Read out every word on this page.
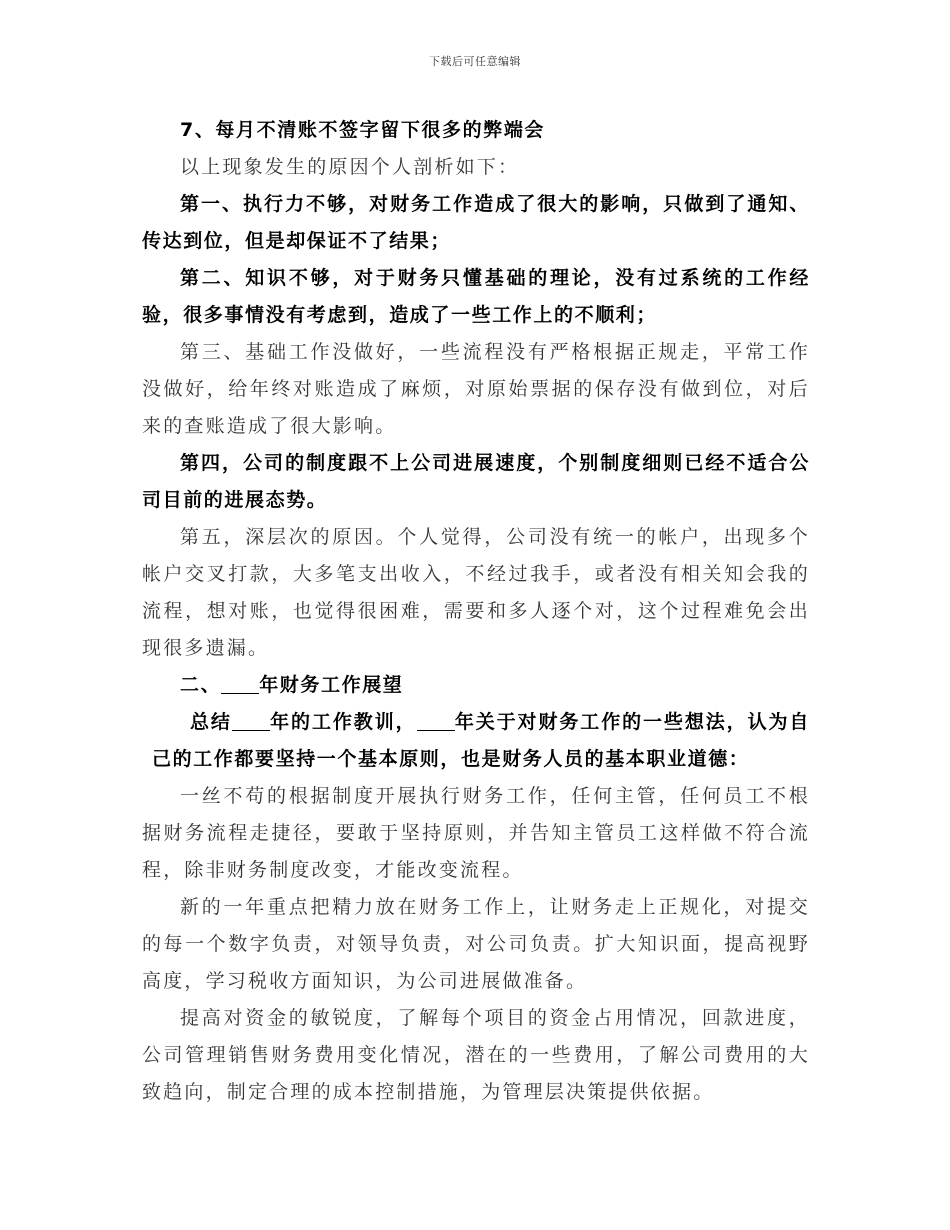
下载后可任意编辑

7、每月不清账不签字留下很多的弊端会

以上现象发生的原因个人剖析如下：

第一、执行力不够，对财务工作造成了很大的影响，只做到了通知、传达到位，但是却保证不了结果；

第二、知识不够，对于财务只懂基础的理论，没有过系统的工作经验，很多事情没有考虑到，造成了一些工作上的不顺利；

第三、基础工作没做好，一些流程没有严格根据正规走，平常工作没做好，给年终对账造成了麻烦，对原始票据的保存没有做到位，对后来的查账造成了很大影响。

第四，公司的制度跟不上公司进展速度，个别制度细则已经不适合公司目前的进展态势。

第五，深层次的原因。个人觉得，公司没有统一的帐户，出现多个帐户交叉打款，大多笔支出收入，不经过我手，或者没有相关知会我的流程，想对账，也觉得很困难，需要和多人逐个对，这个过程难免会出现很多遗漏。

二、 年财务工作展望

总结 年的工作教训， 年关于对财务工作的一些想法，认为自己的工作都要坚持一个基本原则，也是财务人员的基本职业道德：

一丝不苟的根据制度开展执行财务工作，任何主管，任何员工不根据财务流程走捷径，要敢于坚持原则，并告知主管员工这样做不符合流程，除非财务制度改变，才能改变流程。

新的一年重点把精力放在财务工作上，让财务走上正规化，对提交的每一个数字负责，对领导负责，对公司负责。扩大知识面，提高视野高度，学习税收方面知识，为公司进展做准备。

提高对资金的敏锐度，了解每个项目的资金占用情况，回款进度，公司管理销售财务费用变化情况，潜在的一些费用，了解公司费用的大致趋向，制定合理的成本控制措施，为管理层决策提供依据。
